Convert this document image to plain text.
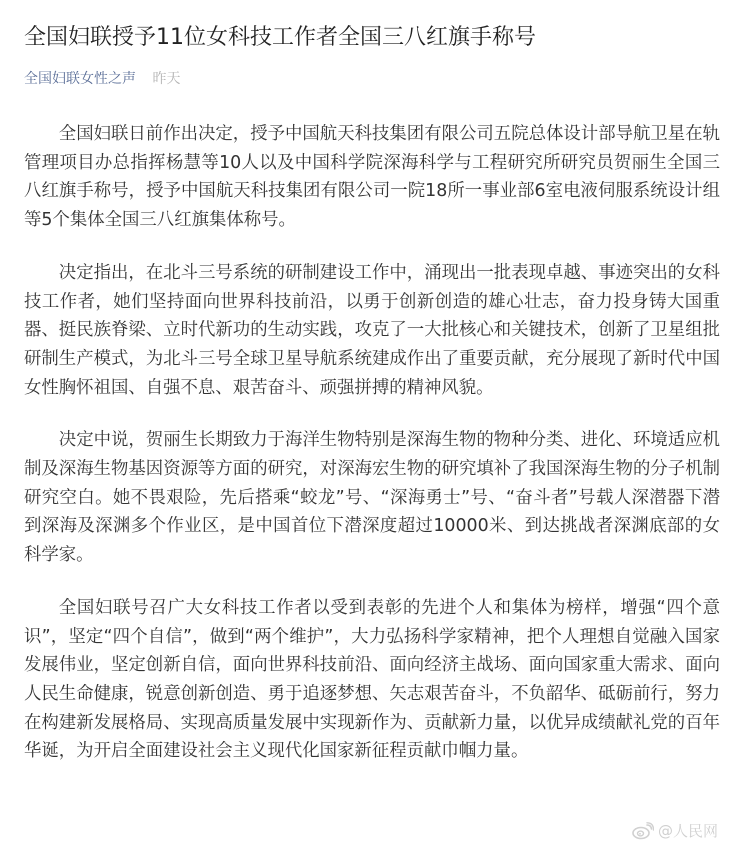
全国妇联授予11位女科技工作者全国三八红旗手称号
全国妇联女性之声 昨天

全国妇联日前作出决定，授予中国航天科技集团有限公司五院总体设计部导航卫星在轨管理项目办总指挥杨慧等10人以及中国科学院深海科学与工程研究所研究员贺丽生全国三八红旗手称号，授予中国航天科技集团有限公司一院18所一事业部6室电液伺服系统设计组等5个集体全国三八红旗集体称号。

决定指出，在北斗三号系统的研制建设工作中，涌现出一批表现卓越、事迹突出的女科技工作者，她们坚持面向世界科技前沿，以勇于创新创造的雄心壮志，奋力投身铸大国重器、挺民族脊梁、立时代新功的生动实践，攻克了一大批核心和关键技术，创新了卫星组批研制生产模式，为北斗三号全球卫星导航系统建成作出了重要贡献，充分展现了新时代中国女性胸怀祖国、自强不息、艰苦奋斗、顽强拼搏的精神风貌。

决定中说，贺丽生长期致力于海洋生物特别是深海生物的物种分类、进化、环境适应机制及深海生物基因资源等方面的研究，对深海宏生物的研究填补了我国深海生物的分子机制研究空白。她不畏艰险，先后搭乘“蛟龙”号、“深海勇士”号、“奋斗者”号载人深潜器下潜到深海及深渊多个作业区，是中国首位下潜深度超过10000米、到达挑战者深渊底部的女科学家。

全国妇联号召广大女科技工作者以受到表彰的先进个人和集体为榜样，增强“四个意识”，坚定“四个自信”，做到“两个维护”，大力弘扬科学家精神，把个人理想自觉融入国家发展伟业，坚定创新自信，面向世界科技前沿、面向经济主战场、面向国家重大需求、面向人民生命健康，锐意创新创造、勇于追逐梦想、矢志艰苦奋斗，不负韶华、砥砺前行，努力在构建新发展格局、实现高质量发展中实现新作为、贡献新力量，以优异成绩献礼党的百年华诞，为开启全面建设社会主义现代化国家新征程贡献巾帼力量。

@人民网
